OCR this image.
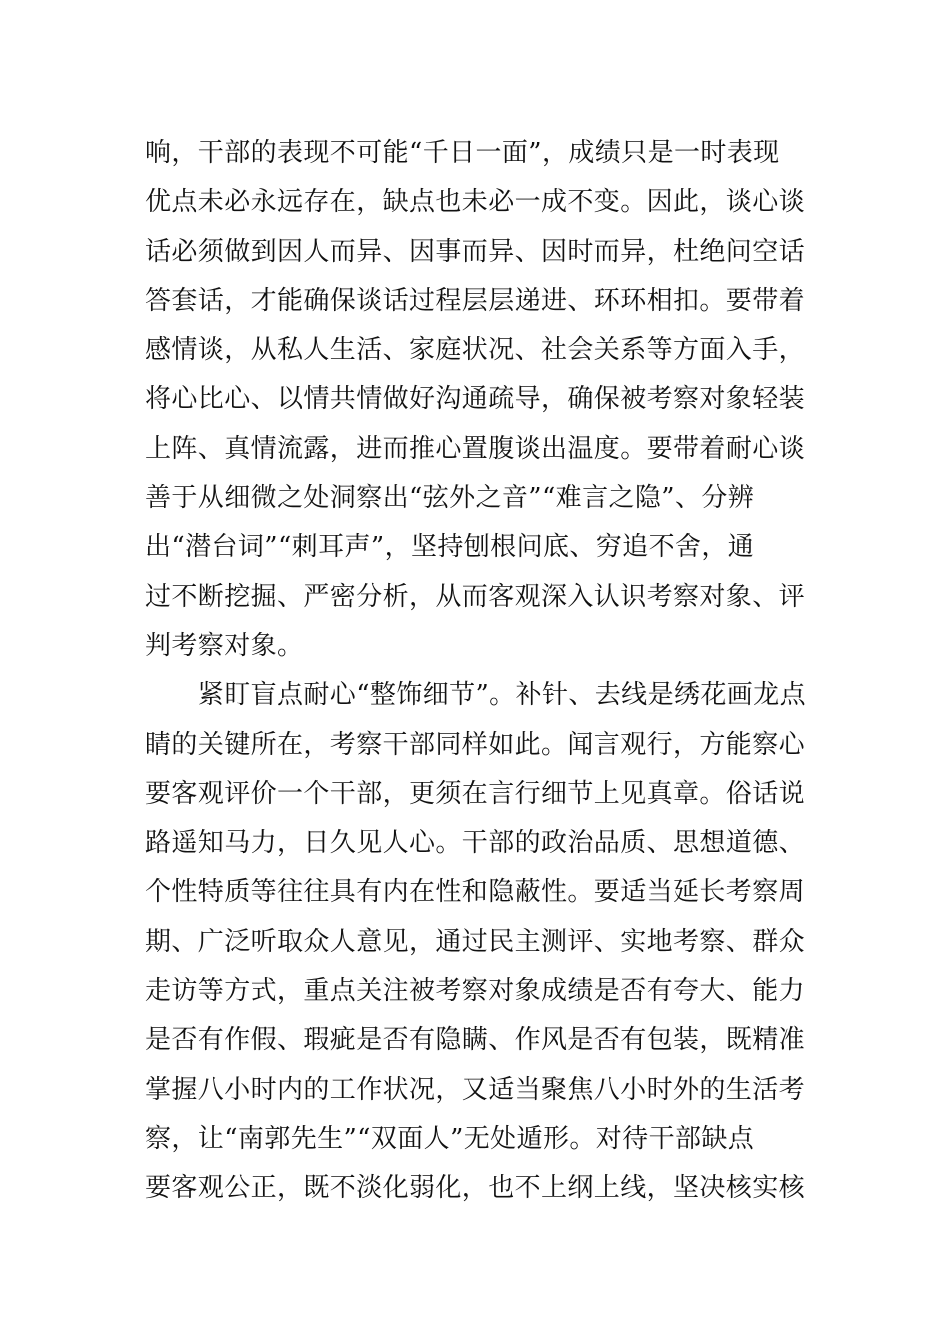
响，干部的表现不可能“千日一面”，成绩只是一时表现
优点未必永远存在，缺点也未必一成不变。因此，谈心谈
话必须做到因人而异、因事而异、因时而异，杜绝问空话
答套话，才能确保谈话过程层层递进、环环相扣。要带着
感情谈，从私人生活、家庭状况、社会关系等方面入手，
将心比心、以情共情做好沟通疏导，确保被考察对象轻装
上阵、真情流露，进而推心置腹谈出温度。要带着耐心谈
善于从细微之处洞察出“弦外之音”“难言之隐”、分辨
出“潜台词”“刺耳声”，坚持刨根问底、穷追不舍，通
过不断挖掘、严密分析，从而客观深入认识考察对象、评
判考察对象。
　　紧盯盲点耐心“整饰细节”。补针、去线是绣花画龙点
睛的关键所在，考察干部同样如此。闻言观行，方能察心
要客观评价一个干部，更须在言行细节上见真章。俗话说
路遥知马力，日久见人心。干部的政治品质、思想道德、
个性特质等往往具有内在性和隐蔽性。要适当延长考察周
期、广泛听取众人意见，通过民主测评、实地考察、群众
走访等方式，重点关注被考察对象成绩是否有夸大、能力
是否有作假、瑕疵是否有隐瞒、作风是否有包装，既精准
掌握八小时内的工作状况，又适当聚焦八小时外的生活考
察，让“南郭先生”“双面人”无处遁形。对待干部缺点
要客观公正，既不淡化弱化，也不上纲上线，坚决核实核
